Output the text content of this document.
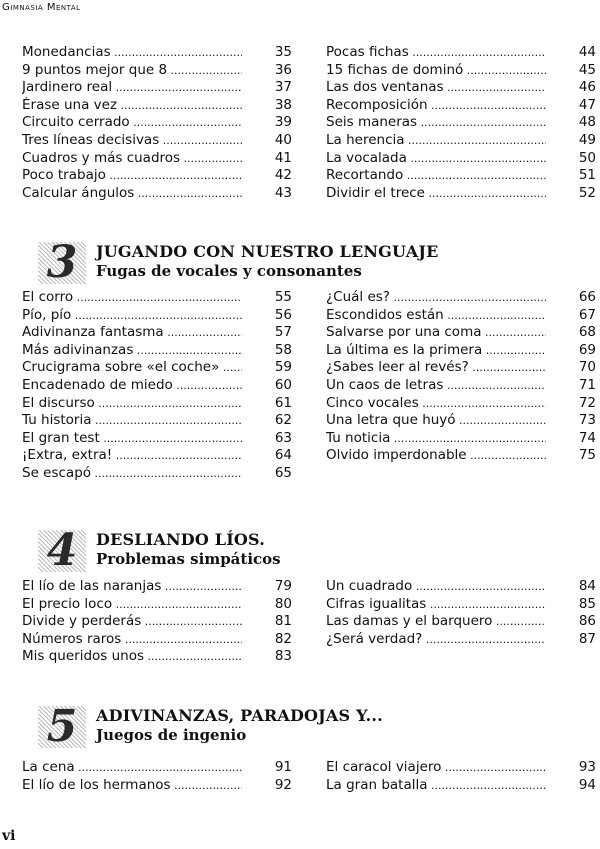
Gimnasia Mental
Monedancias .....	35
9 puntos mejor que 8 .....	36
Jardinero real .....	37
Érase una vez .....	38
Circuito cerrado .....	39
Tres líneas decisivas .....	40
Cuadros y más cuadros .....	41
Poco trabajo .....	42
Calcular ángulos .....	43
Pocas fichas .....	44
15 fichas de dominó .....	45
Las dos ventanas .....	46
Recomposición .....	47
Seis maneras .....	48
La herencia .....	49
La vocalada .....	50
Recortando .....	51
Dividir el trece .....	52
3	JUGANDO CON NUESTRO LENGUAJE
Fugas de vocales y consonantes
El corro .....	55
Pío, pío .....	56
Adivinanza fantasma .....	57
Más adivinanzas .....	58
Crucigrama sobre «el coche» .....	59
Encadenado de miedo .....	60
El discurso .....	61
Tu historia .....	62
El gran test .....	63
¡Extra, extra! .....	64
Se escapó .....	65
¿Cuál es? .....	66
Escondidos están .....	67
Salvarse por una coma .....	68
La última es la primera .....	69
¿Sabes leer al revés? .....	70
Un caos de letras .....	71
Cinco vocales .....	72
Una letra que huyó .....	73
Tu noticia .....	74
Olvido imperdonable .....	75
4	DESLIANDO LÍOS.
Problemas simpáticos
El lío de las naranjas .....	79
El precio loco .....	80
Divide y perderás .....	81
Números raros .....	82
Mis queridos unos .....	83
Un cuadrado .....	84
Cifras igualitas .....	85
Las damas y el barquero .....	86
¿Será verdad? .....	87
5	ADIVINANZAS, PARADOJAS Y...
Juegos de ingenio
La cena .....	91
El lío de los hermanos .....	92
El caracol viajero .....	93
La gran batalla .....	94
vi
